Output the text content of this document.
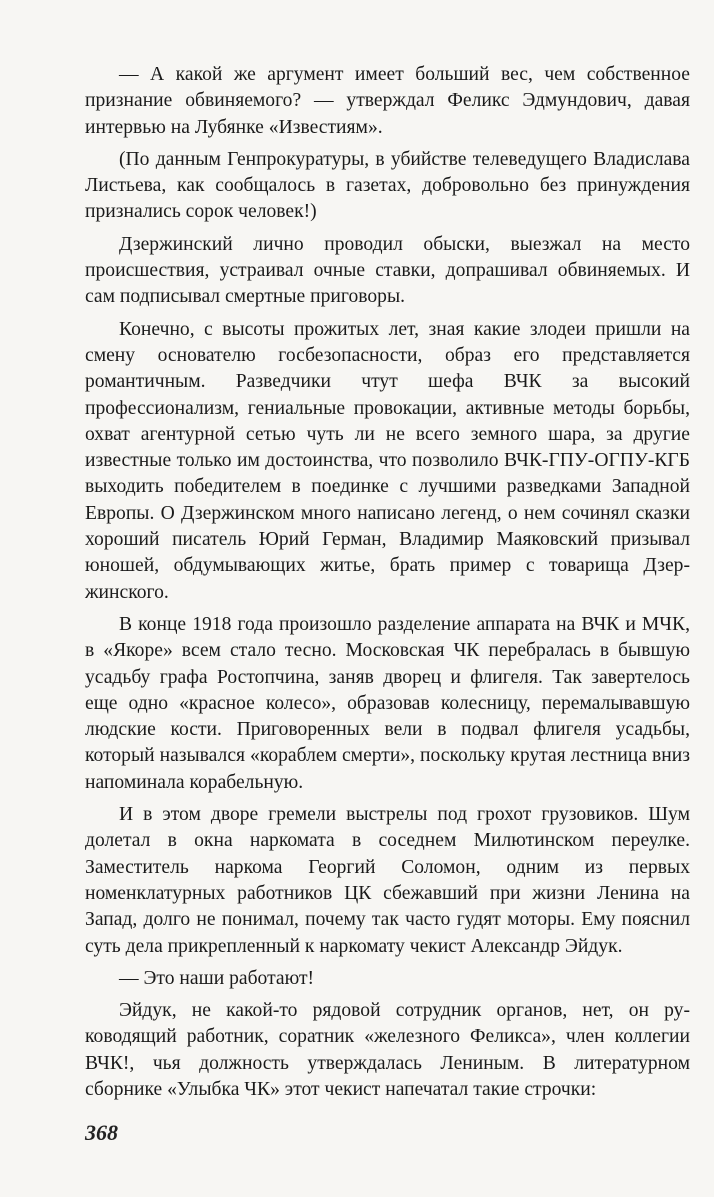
— А какой же аргумент имеет больший вес, чем собственное признание обвиняемого? — утверждал Феликс Эдмундович, давая интервью на Лубянке «Известиям».

(По данным Генпрокуратуры, в убийстве телеведущего Владислава Листьева, как сообщалось в газетах, добровольно без принуждения признались сорок человек!)

Дзержинский лично проводил обыски, выезжал на место происшествия, устраивал очные ставки, допрашивал обвиняемых. И сам подписывал смертные приговоры.

Конечно, с высоты прожитых лет, зная какие злодеи пришли на смену основателю госбезопасности, образ его представляется романтичным. Разведчики чтут шефа ВЧК за высокий профессионализм, гениальные провокации, активные методы борьбы, охват агентурной сетью чуть ли не всего земного шара, за другие известные только им достоинства, что позволило ВЧК-ГПУ-ОГПУ-КГБ выходить победителем в поединке с лучшими разведками Западной Европы. О Дзержинском много написано легенд, о нем сочинял сказки хороший писатель Юрий Герман, Владимир Маяковский призывал юношей, обдумывающих житье, брать пример с товарища Дзержинского.

В конце 1918 года произошло разделение аппарата на ВЧК и МЧК, в «Якоре» всем стало тесно. Московская ЧК перебралась в бывшую усадьбу графа Ростопчина, заняв дворец и флигеля. Так завертелось еще одно «красное колесо», образовав колесницу, перемалывавшую людские кости. Приговоренных вели в подвал флигеля усадьбы, который назывался «кораблем смерти», поскольку крутая лестница вниз напоминала корабельную.

И в этом дворе гремели выстрелы под грохот грузовиков. Шум долетал в окна наркомата в соседнем Милютинском переулке. Заместитель наркома Георгий Соломон, одним из первых номенклатурных работников ЦК сбежавший при жизни Ленина на Запад, долго не понимал, почему так часто гудят моторы. Ему пояснил суть дела прикрепленный к наркомату чекист Александр Эйдук.

— Это наши работают!

Эйдук, не какой-то рядовой сотрудник органов, нет, он руководящий работник, соратник «железного Феликса», член коллегии ВЧК!, чья должность утверждалась Лениным. В литературном сборнике «Улыбка ЧК» этот чекист напечатал такие строчки:

368
